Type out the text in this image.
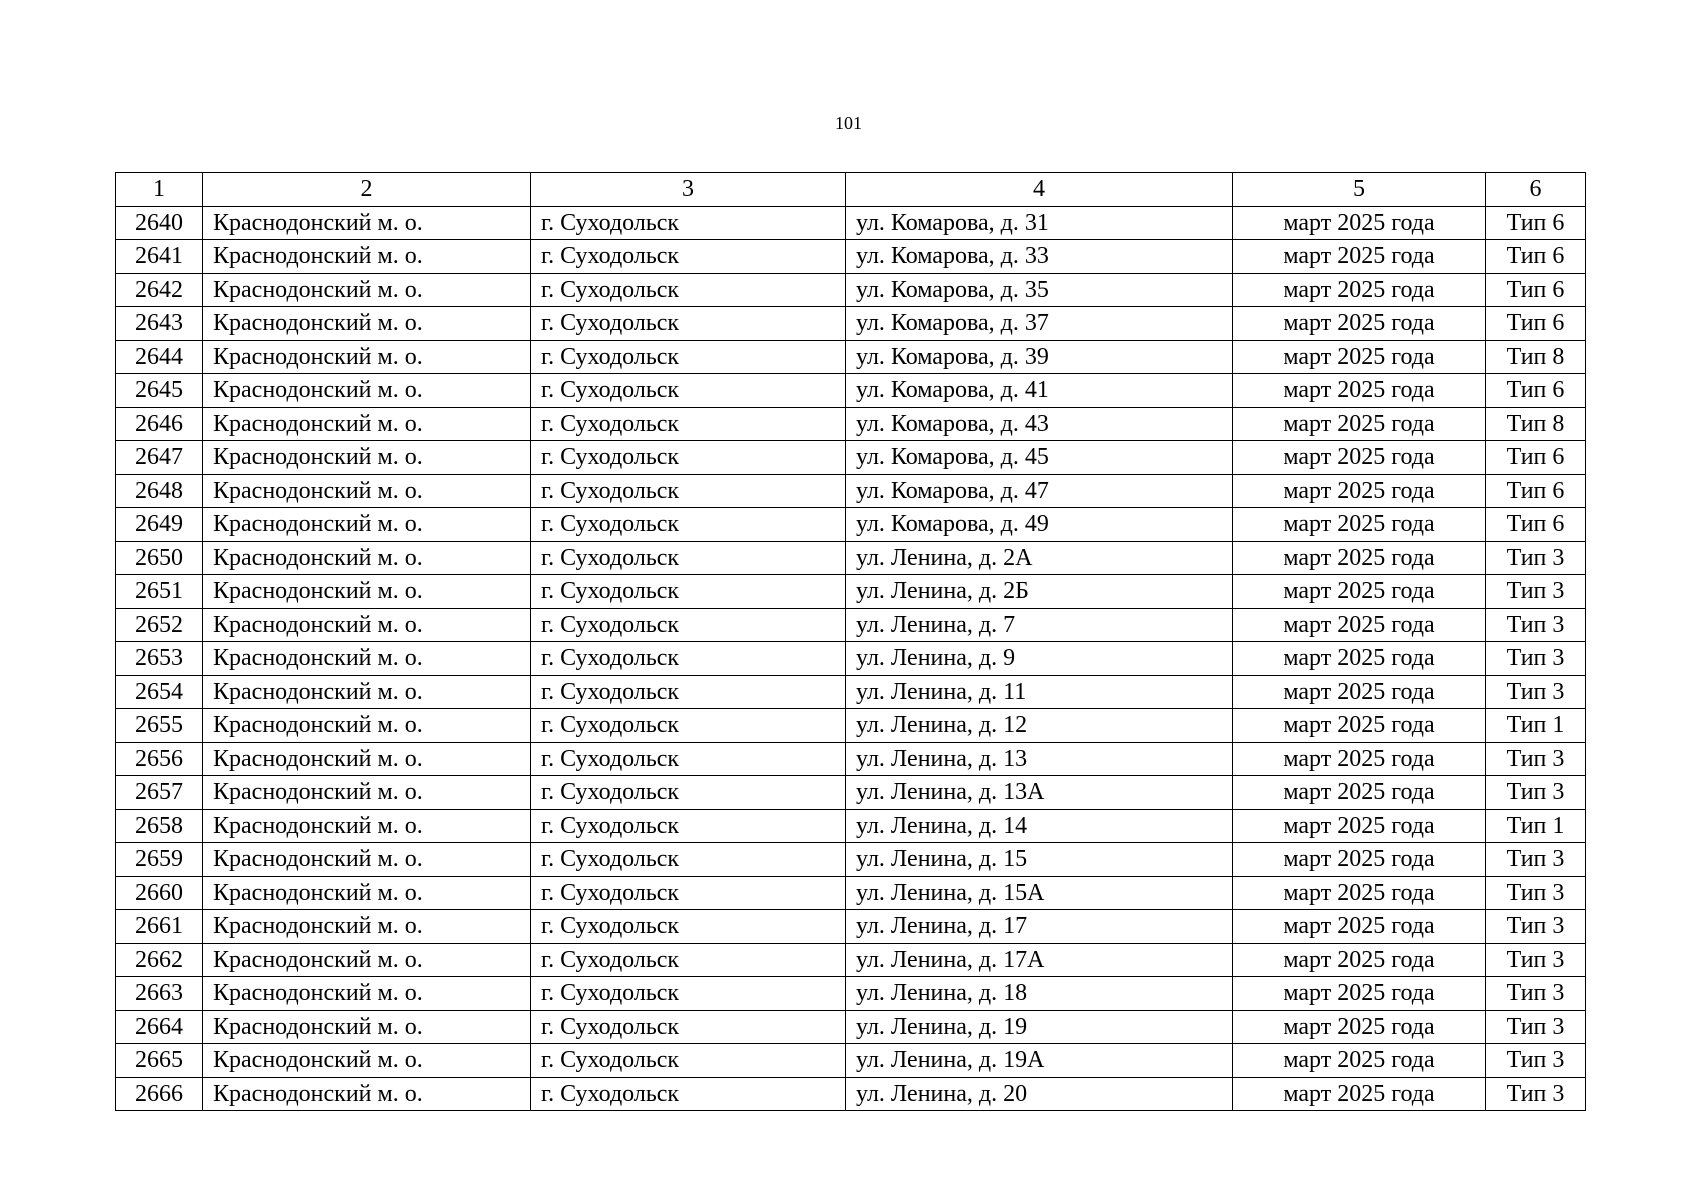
101
1	2	3	4	5	6
2640	Краснодонский м. о.	г. Суходольск	ул. Комарова, д. 31	март 2025 года	Тип 6
2641	Краснодонский м. о.	г. Суходольск	ул. Комарова, д. 33	март 2025 года	Тип 6
2642	Краснодонский м. о.	г. Суходольск	ул. Комарова, д. 35	март 2025 года	Тип 6
2643	Краснодонский м. о.	г. Суходольск	ул. Комарова, д. 37	март 2025 года	Тип 6
2644	Краснодонский м. о.	г. Суходольск	ул. Комарова, д. 39	март 2025 года	Тип 8
2645	Краснодонский м. о.	г. Суходольск	ул. Комарова, д. 41	март 2025 года	Тип 6
2646	Краснодонский м. о.	г. Суходольск	ул. Комарова, д. 43	март 2025 года	Тип 8
2647	Краснодонский м. о.	г. Суходольск	ул. Комарова, д. 45	март 2025 года	Тип 6
2648	Краснодонский м. о.	г. Суходольск	ул. Комарова, д. 47	март 2025 года	Тип 6
2649	Краснодонский м. о.	г. Суходольск	ул. Комарова, д. 49	март 2025 года	Тип 6
2650	Краснодонский м. о.	г. Суходольск	ул. Ленина, д. 2А	март 2025 года	Тип 3
2651	Краснодонский м. о.	г. Суходольск	ул. Ленина, д. 2Б	март 2025 года	Тип 3
2652	Краснодонский м. о.	г. Суходольск	ул. Ленина, д. 7	март 2025 года	Тип 3
2653	Краснодонский м. о.	г. Суходольск	ул. Ленина, д. 9	март 2025 года	Тип 3
2654	Краснодонский м. о.	г. Суходольск	ул. Ленина, д. 11	март 2025 года	Тип 3
2655	Краснодонский м. о.	г. Суходольск	ул. Ленина, д. 12	март 2025 года	Тип 1
2656	Краснодонский м. о.	г. Суходольск	ул. Ленина, д. 13	март 2025 года	Тип 3
2657	Краснодонский м. о.	г. Суходольск	ул. Ленина, д. 13А	март 2025 года	Тип 3
2658	Краснодонский м. о.	г. Суходольск	ул. Ленина, д. 14	март 2025 года	Тип 1
2659	Краснодонский м. о.	г. Суходольск	ул. Ленина, д. 15	март 2025 года	Тип 3
2660	Краснодонский м. о.	г. Суходольск	ул. Ленина, д. 15А	март 2025 года	Тип 3
2661	Краснодонский м. о.	г. Суходольск	ул. Ленина, д. 17	март 2025 года	Тип 3
2662	Краснодонский м. о.	г. Суходольск	ул. Ленина, д. 17А	март 2025 года	Тип 3
2663	Краснодонский м. о.	г. Суходольск	ул. Ленина, д. 18	март 2025 года	Тип 3
2664	Краснодонский м. о.	г. Суходольск	ул. Ленина, д. 19	март 2025 года	Тип 3
2665	Краснодонский м. о.	г. Суходольск	ул. Ленина, д. 19А	март 2025 года	Тип 3
2666	Краснодонский м. о.	г. Суходольск	ул. Ленина, д. 20	март 2025 года	Тип 3
